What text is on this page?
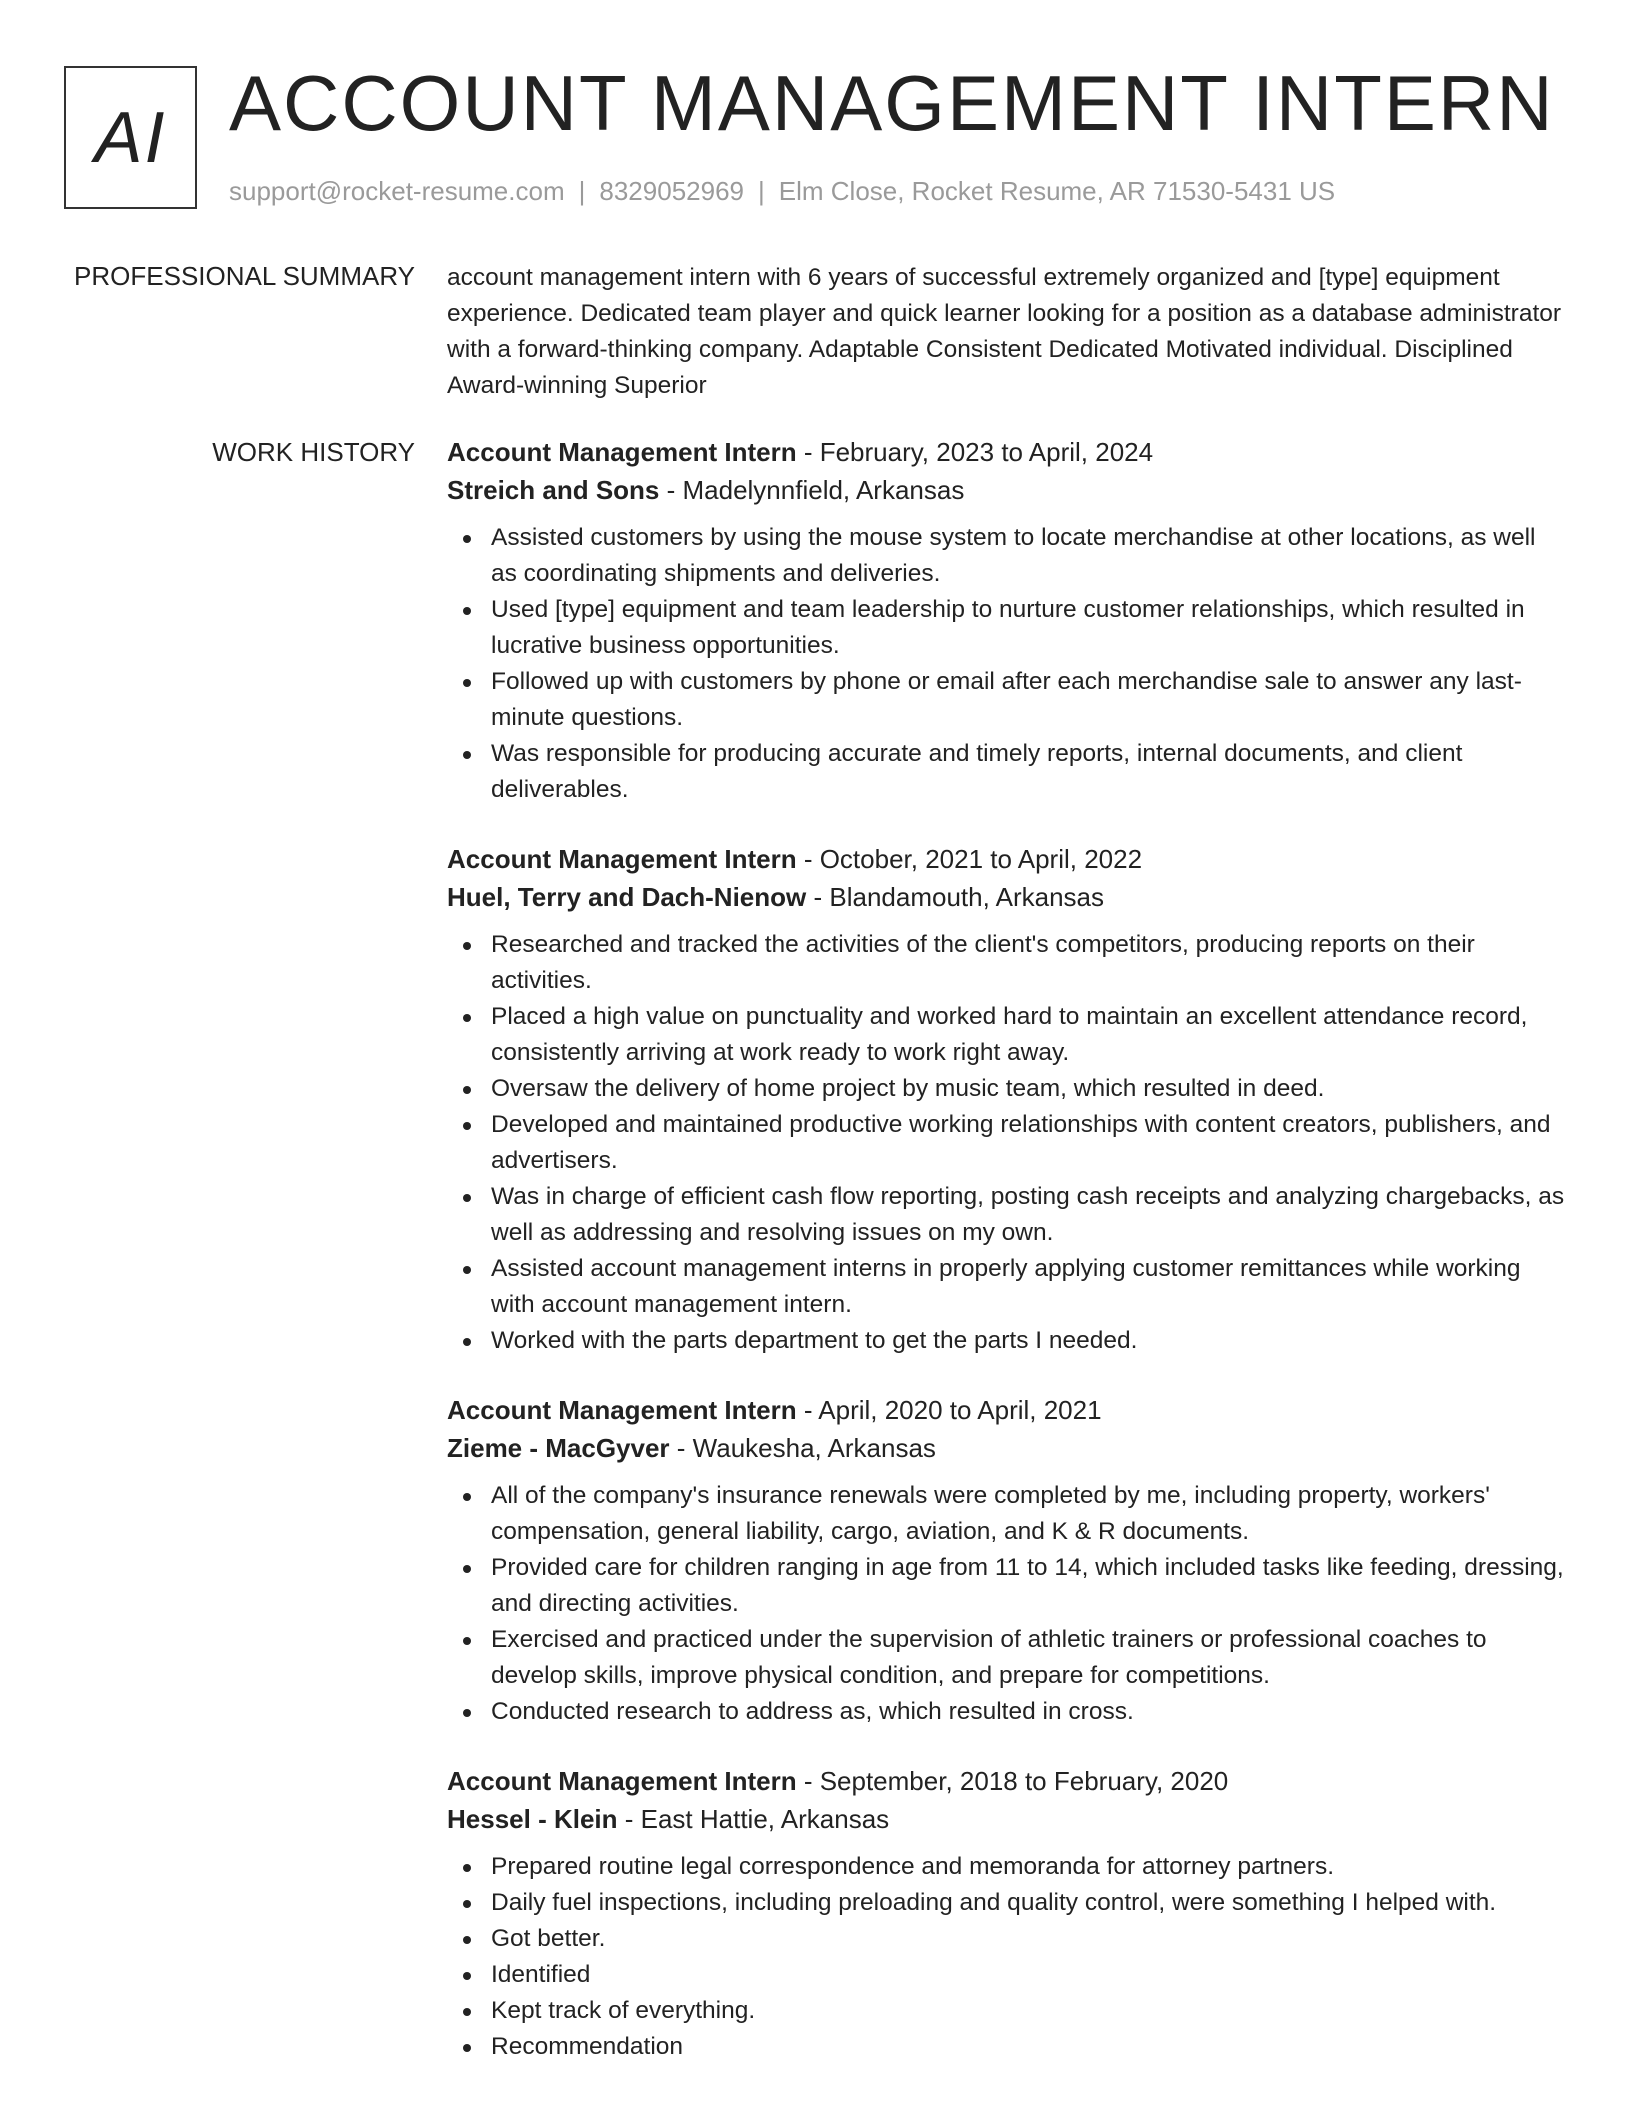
AI ACCOUNT MANAGEMENT INTERN
support@rocket-resume.com | 8329052969 | Elm Close, Rocket Resume, AR 71530-5431 US
PROFESSIONAL SUMMARY account management intern with 6 years of successful extremely organized and [type] equipment experience. Dedicated team player and quick learner looking for a position as a database administrator with a forward-thinking company. Adaptable Consistent Dedicated Motivated individual. Disciplined Award-winning Superior

WORK HISTORY Account Management Intern - February, 2023 to April, 2024
Streich and Sons - Madelynnfield, Arkansas
Assisted customers by using the mouse system to locate merchandise at other locations, as well as coordinating shipments and deliveries.
Used [type] equipment and team leadership to nurture customer relationships, which resulted in lucrative business opportunities.
Followed up with customers by phone or email after each merchandise sale to answer any last-minute questions.
Was responsible for producing accurate and timely reports, internal documents, and client deliverables.
Account Management Intern - October, 2021 to April, 2022
Huel, Terry and Dach-Nienow - Blandamouth, Arkansas
Researched and tracked the activities of the client's competitors, producing reports on their activities.
Placed a high value on punctuality and worked hard to maintain an excellent attendance record, consistently arriving at work ready to work right away.
Oversaw the delivery of home project by music team, which resulted in deed.
Developed and maintained productive working relationships with content creators, publishers, and advertisers.
Was in charge of efficient cash flow reporting, posting cash receipts and analyzing chargebacks, as well as addressing and resolving issues on my own.
Assisted account management interns in properly applying customer remittances while working with account management intern.
Worked with the parts department to get the parts I needed.
Account Management Intern - April, 2020 to April, 2021
Zieme - MacGyver - Waukesha, Arkansas
All of the company's insurance renewals were completed by me, including property, workers' compensation, general liability, cargo, aviation, and K & R documents.
Provided care for children ranging in age from 11 to 14, which included tasks like feeding, dressing, and directing activities.
Exercised and practiced under the supervision of athletic trainers or professional coaches to develop skills, improve physical condition, and prepare for competitions.
Conducted research to address as, which resulted in cross.
Account Management Intern - September, 2018 to February, 2020
Hessel - Klein - East Hattie, Arkansas
Prepared routine legal correspondence and memoranda for attorney partners.
Daily fuel inspections, including preloading and quality control, were something I helped with.
Got better.
Identified
Kept track of everything.
Recommendation
